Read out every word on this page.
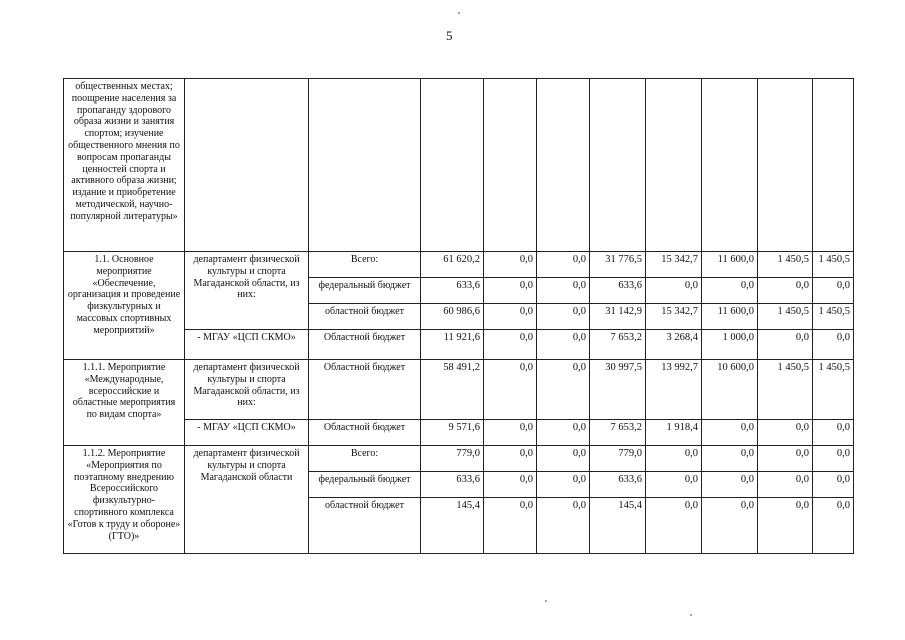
5
общественных местах; поощрение населения за пропаганду здорового образа жизни и занятия спортом; изучение общественного мнения по вопросам пропаганды ценностей спорта и активного образа жизни; издание и приобретение методической, научно-популярной литературы»										
1.1. Основное мероприятие «Обеспечение, организация и проведение физкультурных и массовых спортивных мероприятий»	департамент физической культуры и спорта Магаданской области, из них:	Всего:	61 620,2	0,0	0,0	31 776,5	15 342,7	11 600,0	1 450,5	1 450,5
		федеральный бюджет	633,6	0,0	0,0	633,6	0,0	0,0	0,0	0,0
		областной бюджет	60 986,6	0,0	0,0	31 142,9	15 342,7	11 600,0	1 450,5	1 450,5
	- МГАУ «ЦСП СКМО»	Областной бюджет	11 921,6	0,0	0,0	7 653,2	3 268,4	1 000,0	0,0	0,0
1.1.1. Мероприятие «Международные, всероссийские и областные мероприятия по видам спорта»	департамент физической культуры и спорта Магаданской области, из них:	Областной бюджет	58 491,2	0,0	0,0	30 997,5	13 992,7	10 600,0	1 450,5	1 450,5
	- МГАУ «ЦСП СКМО»	Областной бюджет	9 571,6	0,0	0,0	7 653,2	1 918,4	0,0	0,0	0,0
1.1.2. Мероприятие «Мероприятия по поэтапному внедрению Всероссийского физкультурно-спортивного комплекса «Готов к труду и обороне» (ГТО)»	департамент физической культуры и спорта Магаданской области	Всего:	779,0	0,0	0,0	779,0	0,0	0,0	0,0	0,0
		федеральный бюджет	633,6	0,0	0,0	633,6	0,0	0,0	0,0	0,0
		областной бюджет	145,4	0,0	0,0	145,4	0,0	0,0	0,0	0,0
